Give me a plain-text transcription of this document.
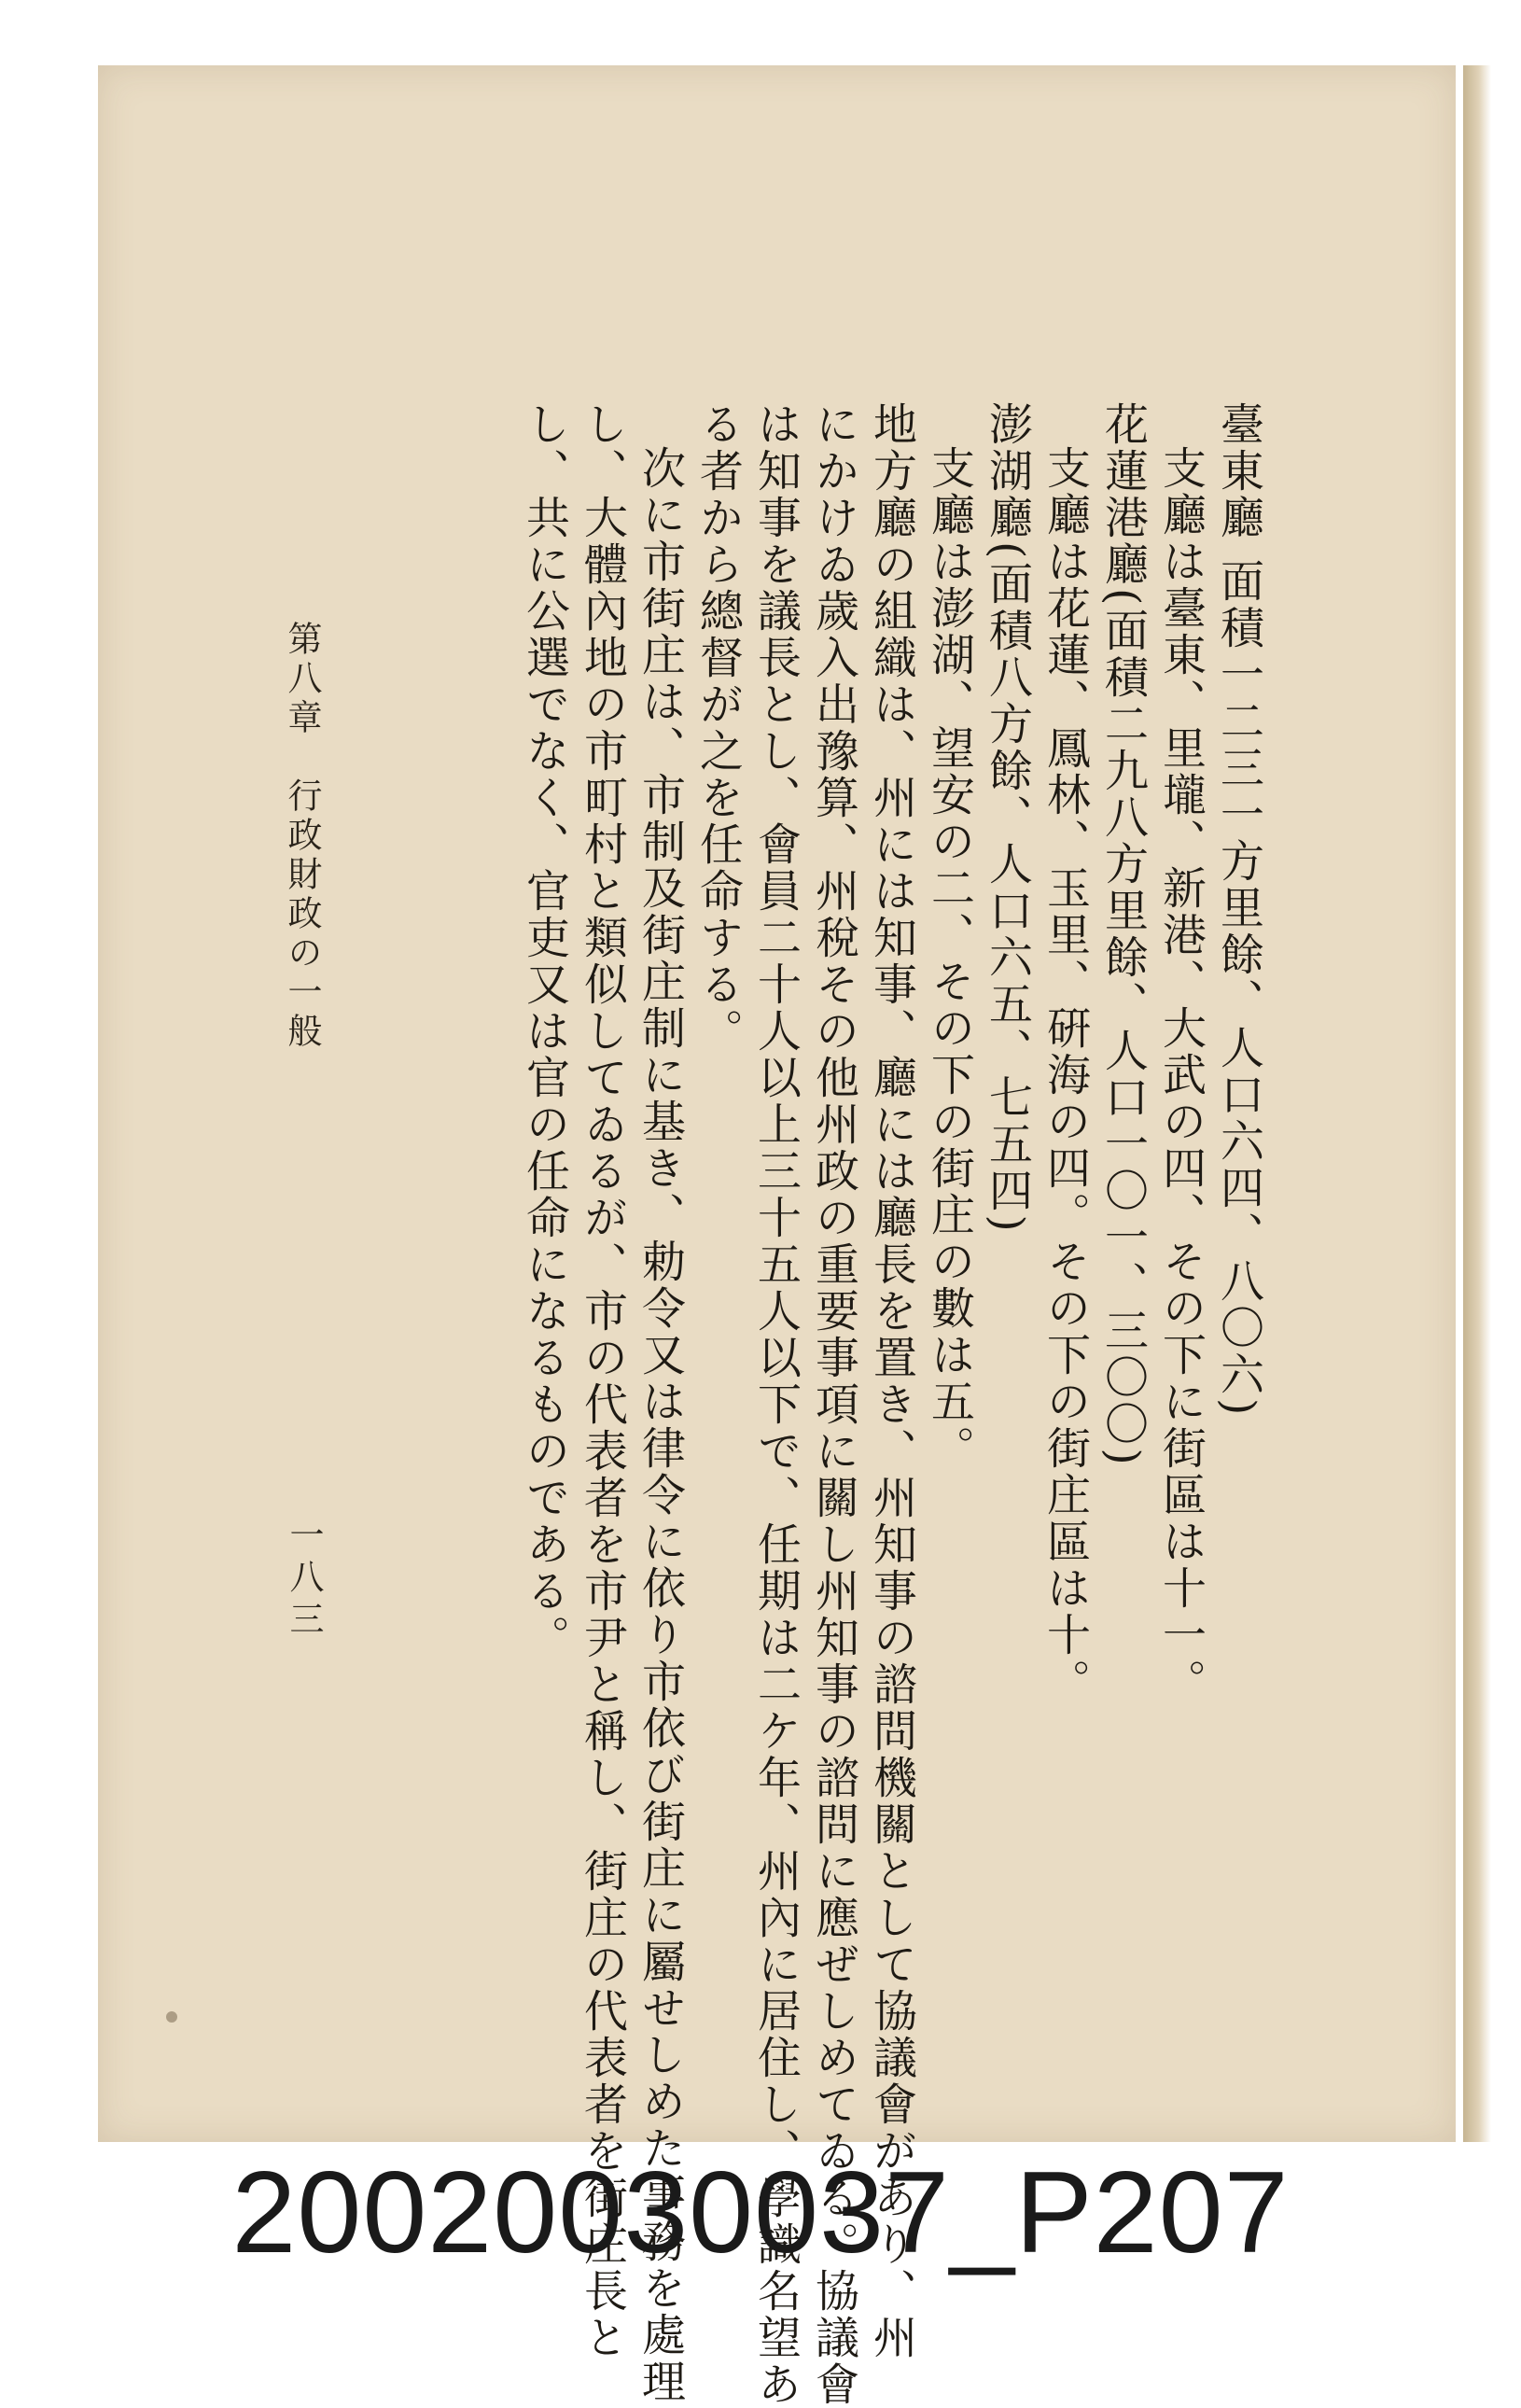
臺東廳 面積一二三一方里餘、人口六四、八〇六)
支廳は臺東、里壠、新港、大武の四、その下に街區は十一。
花蓮港廳(面積二九八方里餘、人口一〇一、三〇〇)
支廳は花蓮、鳳林、玉里、硏海の四。その下の街庄區は十。
澎湖廳(面積八方餘、人口六五、七五四)
支廳は澎湖、望安の二、その下の街庄の數は五。
地方廳の組織は、州には知事、廳には廳長を置き、州知事の諮問機關として協議會があり、州
にかけゐ歲入出豫算、州稅その他州政の重要事項に關し州知事の諮問に應ぜしめてゐる。協議會
は知事を議長とし、會員二十人以上三十五人以下で、任期は二ケ年、州內に居住し、學識名望あ
る者から總督が之を任命する。
次に市街庄は、市制及街庄制に基き、勅令又は律令に依り市依び街庄に屬せしめた事務を處理
し、大體內地の市町村と類似してゐるが、市の代表者を市尹と稱し、街庄の代表者を街庄長と
し、共に公選でなく、官吏又は官の任命になるものである。
第八章　行政財政の一般
一八三
20020030037_P207
